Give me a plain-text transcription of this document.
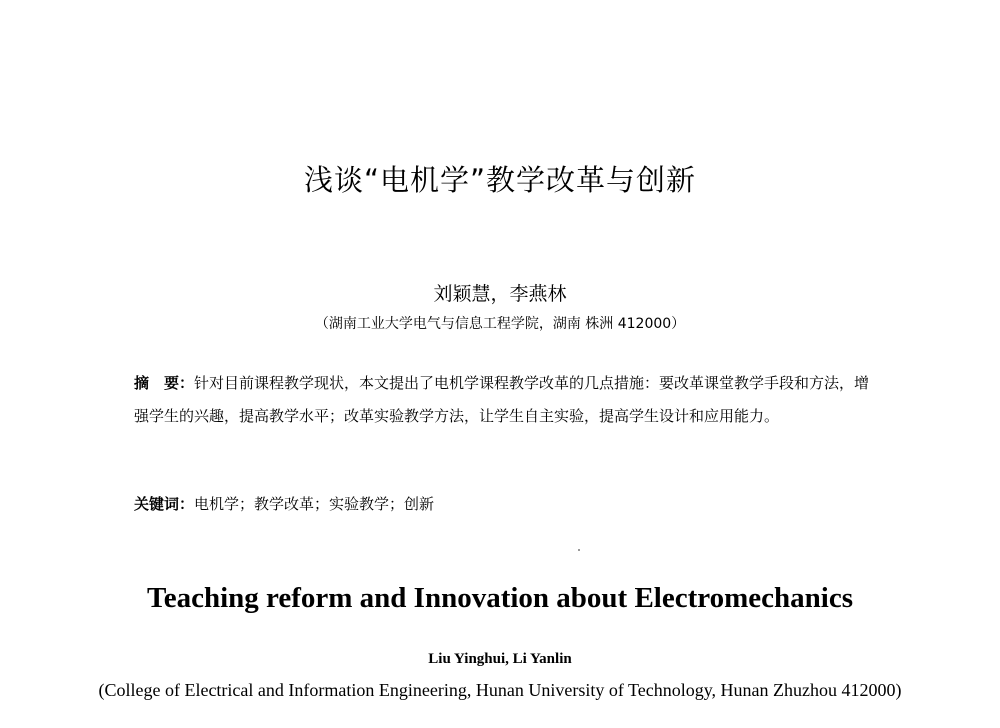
浅谈“电机学”教学改革与创新
刘颖慧，李燕林
（湖南工业大学电气与信息工程学院，湖南 株洲 412000）
摘　要：针对目前课程教学现状，本文提出了电机学课程教学改革的几点措施：要改革课堂教学手段和方法，增强学生的兴趣，提高教学水平；改革实验教学方法，让学生自主实验，提高学生设计和应用能力。
关键词：电机学；教学改革；实验教学；创新
Teaching reform and Innovation about Electromechanics
Liu Yinghui, Li Yanlin
(College of Electrical and Information Engineering, Hunan University of Technology, Hunan Zhuzhou 412000)
